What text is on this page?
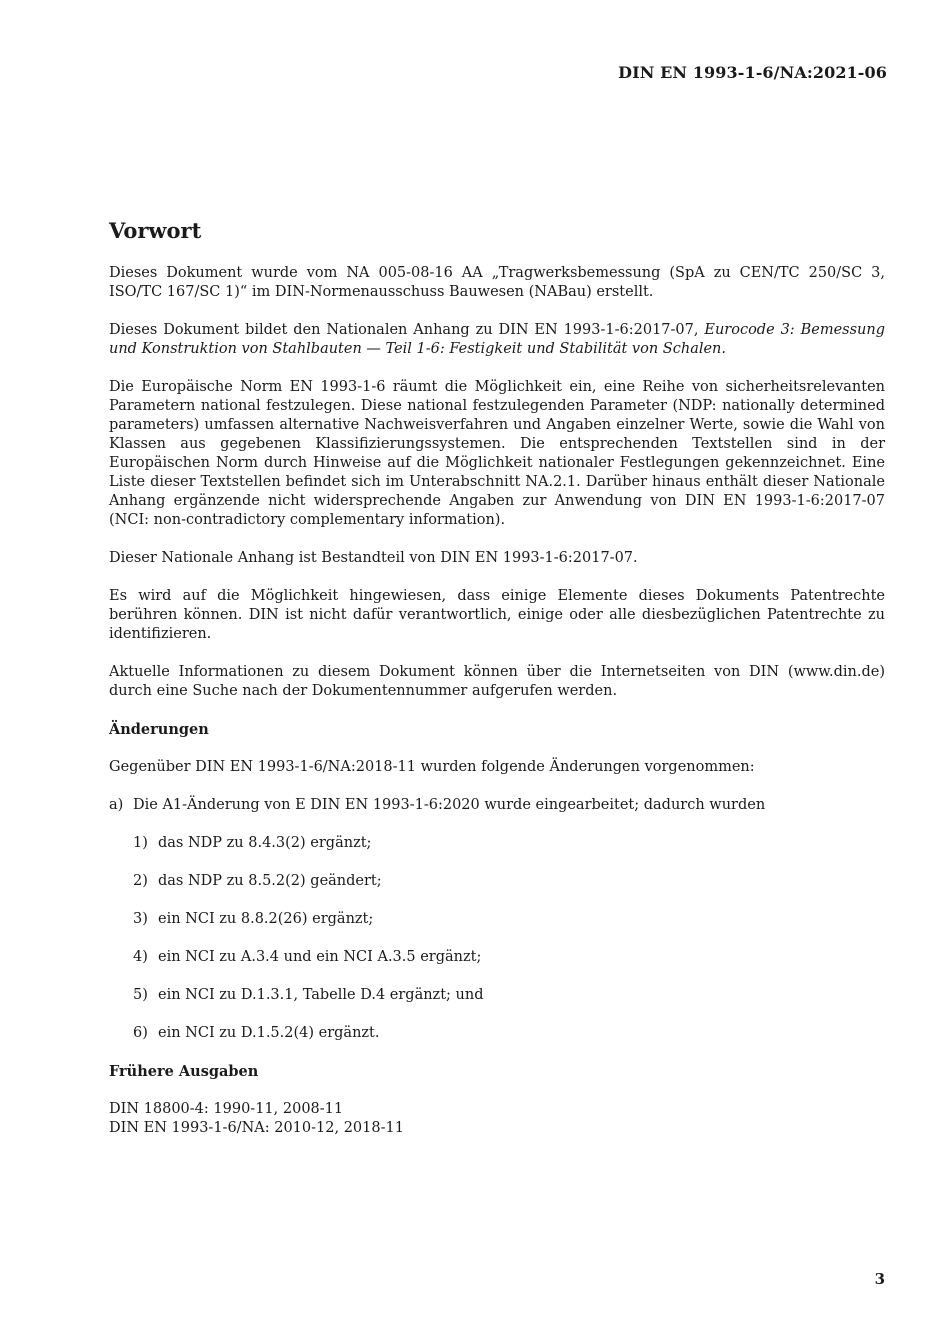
DIN EN 1993-1-6/NA:2021-06
Vorwort

Dieses Dokument wurde vom NA 005-08-16 AA „Tragwerksbemessung (SpA zu CEN/TC 250/SC 3, ISO/TC 167/SC 1)“ im DIN-Normenausschuss Bauwesen (NABau) erstellt.

Dieses Dokument bildet den Nationalen Anhang zu DIN EN 1993-1-6:2017-07, Eurocode 3: Bemessung und Konstruktion von Stahlbauten — Teil 1-6: Festigkeit und Stabilität von Schalen.

Die Europäische Norm EN 1993-1-6 räumt die Möglichkeit ein, eine Reihe von sicherheitsrelevanten Parametern national festzulegen. Diese national festzulegenden Parameter (NDP: nationally determined parameters) umfassen alternative Nachweisverfahren und Angaben einzelner Werte, sowie die Wahl von Klassen aus gegebenen Klassifizierungssystemen. Die entsprechenden Textstellen sind in der Europäischen Norm durch Hinweise auf die Möglichkeit nationaler Festlegungen gekennzeichnet. Eine Liste dieser Textstellen befindet sich im Unterabschnitt NA.2.1. Darüber hinaus enthält dieser Nationale Anhang ergänzende nicht widersprechende Angaben zur Anwendung von DIN EN 1993-1-6:2017-07 (NCI: non-contradictory complementary information).

Dieser Nationale Anhang ist Bestandteil von DIN EN 1993-1-6:2017-07.

Es wird auf die Möglichkeit hingewiesen, dass einige Elemente dieses Dokuments Patentrechte berühren können. DIN ist nicht dafür verantwortlich, einige oder alle diesbezüglichen Patentrechte zu identifizieren.

Aktuelle Informationen zu diesem Dokument können über die Internetseiten von DIN (www.din.de) durch eine Suche nach der Dokumentennummer aufgerufen werden.

Änderungen

Gegenüber DIN EN 1993-1-6/NA:2018-11 wurden folgende Änderungen vorgenommen:

a) Die A1-Änderung von E DIN EN 1993-1-6:2020 wurde eingearbeitet; dadurch wurden
1) das NDP zu 8.4.3(2) ergänzt;
2) das NDP zu 8.5.2(2) geändert;
3) ein NCI zu 8.8.2(26) ergänzt;
4) ein NCI zu A.3.4 und ein NCI A.3.5 ergänzt;
5) ein NCI zu D.1.3.1, Tabelle D.4 ergänzt; und
6) ein NCI zu D.1.5.2(4) ergänzt.
Frühere Ausgaben
DIN 18800-4: 1990-11, 2008-11
DIN EN 1993-1-6/NA: 2010-12, 2018-11
3
